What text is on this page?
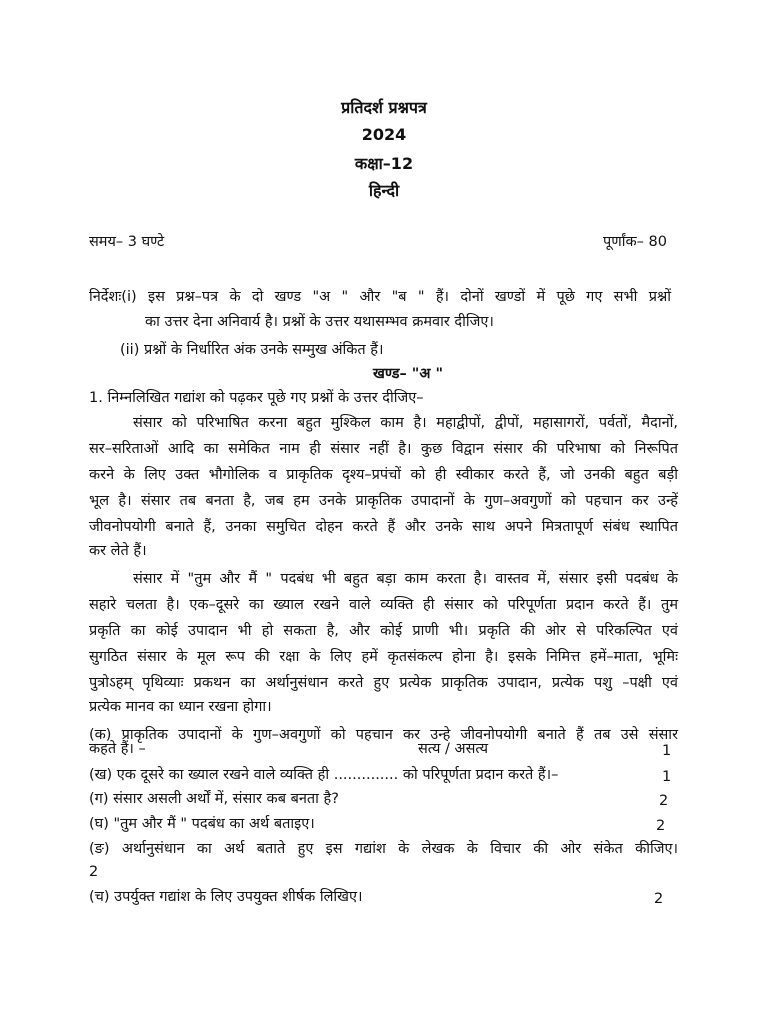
प्रतिदर्श प्रश्नपत्र
2024
कक्षा–12
हिन्दी
समय– 3 घण्टे	पूर्णांक– 80
निर्देशः(i) इस प्रश्न–पत्र के दो खण्ड "अ " और "ब " हैं। दोनों खण्डों में पूछे गए सभी प्रश्नों
का उत्तर देना अनिवार्य है। प्रश्नों के उत्तर यथासम्भव क्रमवार दीजिए।
(ii) प्रश्नों के निर्धारित अंक उनके सम्मुख अंकित हैं।
खण्ड– "अ "
1. निम्नलिखित गद्यांश को पढ़कर पूछे गए प्रश्नों के उत्तर दीजिए–
संसार को परिभाषित करना बहुत मुश्किल काम है। महाद्वीपों, द्वीपों, महासागरों, पर्वतों, मैदानों,
सर–सरिताओं आदि का समेकित नाम ही संसार नहीं है। कुछ विद्वान संसार की परिभाषा को निरूपित
करने के लिए उक्त भौगोलिक व प्राकृतिक दृश्य–प्रपंचों को ही स्वीकार करते हैं, जो उनकी बहुत बड़ी
भूल है। संसार तब बनता है, जब हम उनके प्राकृतिक उपादानों के गुण–अवगुणों को पहचान कर उन्हें
जीवनोपयोगी बनाते हैं, उनका समुचित दोहन करते हैं और उनके साथ अपने मित्रतापूर्ण संबंध स्थापित
कर लेते हैं।
संसार में "तुम और मैं " पदबंध भी बहुत बड़ा काम करता है। वास्तव में, संसार इसी पदबंध के
सहारे चलता है। एक–दूसरे का ख्याल रखने वाले व्यक्ति ही संसार को परिपूर्णता प्रदान करते हैं। तुम
प्रकृति का कोई उपादान भी हो सकता है, और कोई प्राणी भी। प्रकृति की ओर से परिकल्पित एवं
सुगठित संसार के मूल रूप की रक्षा के लिए हमें कृतसंकल्प होना है। इसके निमित्त हमें–माता, भूमिः
पुत्रोऽहम् पृथिव्याः प्रकथन का अर्थानुसंधान करते हुए प्रत्येक प्राकृतिक उपादान, प्रत्येक पशु –पक्षी एवं
प्रत्येक मानव का ध्यान रखना होगा।
(क) प्राकृतिक उपादानों के गुण–अवगुणों को पहचान कर उन्हे जीवनोपयोगी बनाते हैं तब उसे संसार
कहते हैं। –	सत्य / असत्य	1
(ख) एक दूसरे का ख्याल रखने वाले व्यक्ति ही .............. को परिपूर्णता प्रदान करते हैं।–	1
(ग) संसार असली अर्थों में, संसार कब बनता है?	2
(घ) "तुम और मैं " पदबंध का अर्थ बताइए।	2
(ङ) अर्थानुसंधान का अर्थ बताते हुए इस गद्यांश के लेखक के विचार की ओर संकेत कीजिए।
2
(च) उपर्युक्त गद्यांश के लिए उपयुक्त शीर्षक लिखिए।	2
